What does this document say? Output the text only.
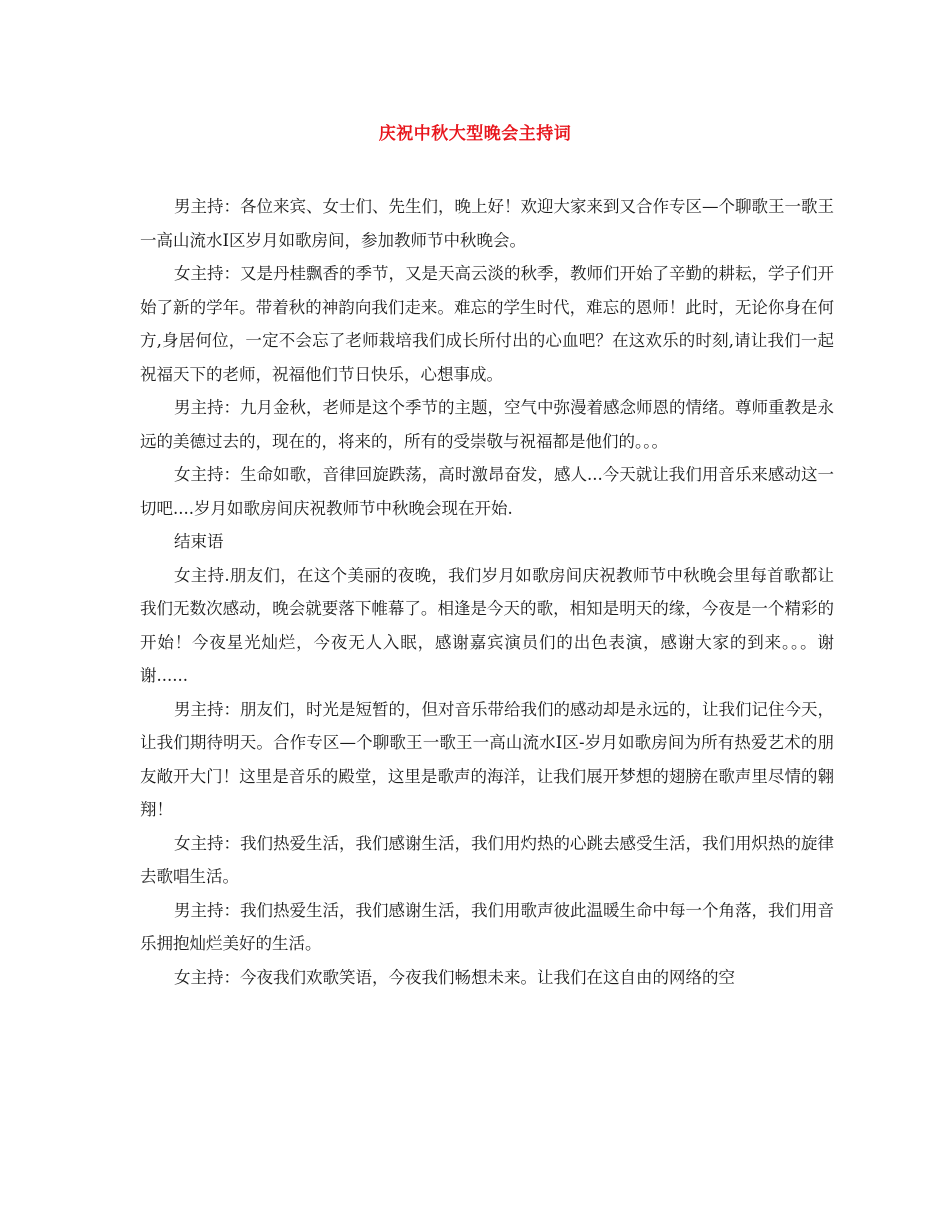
庆祝中秋大型晚会主持词

男主持：各位来宾、女士们、先生们，晚上好！欢迎大家来到又合作专区—个聊歌王一歌王一高山流水Ⅰ区岁月如歌房间，参加教师节中秋晚会。

女主持：又是丹桂飘香的季节，又是天高云淡的秋季，教师们开始了辛勤的耕耘，学子们开始了新的学年。带着秋的神韵向我们走来。难忘的学生时代，难忘的恩师！此时，无论你身在何方,身居何位，一定不会忘了老师栽培我们成长所付出的心血吧？在这欢乐的时刻,请让我们一起祝福天下的老师，祝福他们节日快乐，心想事成。

男主持：九月金秋，老师是这个季节的主题，空气中弥漫着感念师恩的情绪。尊师重教是永远的美德过去的，现在的，将来的，所有的受崇敬与祝福都是他们的。。。

女主持：生命如歌，音律回旋跌荡，高时激昂奋发，感人...今天就让我们用音乐来感动这一切吧....岁月如歌房间庆祝教师节中秋晚会现在开始.

结束语

女主持.朋友们，在这个美丽的夜晚，我们岁月如歌房间庆祝教师节中秋晚会里每首歌都让我们无数次感动，晚会就要落下帷幕了。相逢是今天的歌，相知是明天的缘，今夜是一个精彩的开始！今夜星光灿烂，今夜无人入眠，感谢嘉宾演员们的出色表演，感谢大家的到来。。。谢谢......

男主持：朋友们，时光是短暂的，但对音乐带给我们的感动却是永远的，让我们记住今天，让我们期待明天。合作专区—个聊歌王一歌王一高山流水Ⅰ区-岁月如歌房间为所有热爱艺术的朋友敞开大门！这里是音乐的殿堂，这里是歌声的海洋，让我们展开梦想的翅膀在歌声里尽情的翱翔！

女主持：我们热爱生活，我们感谢生活，我们用灼热的心跳去感受生活，我们用炽热的旋律去歌唱生活。

男主持：我们热爱生活，我们感谢生活，我们用歌声彼此温暖生命中每一个角落，我们用音乐拥抱灿烂美好的生活。

女主持：今夜我们欢歌笑语，今夜我们畅想未来。让我们在这自由的网络的空
